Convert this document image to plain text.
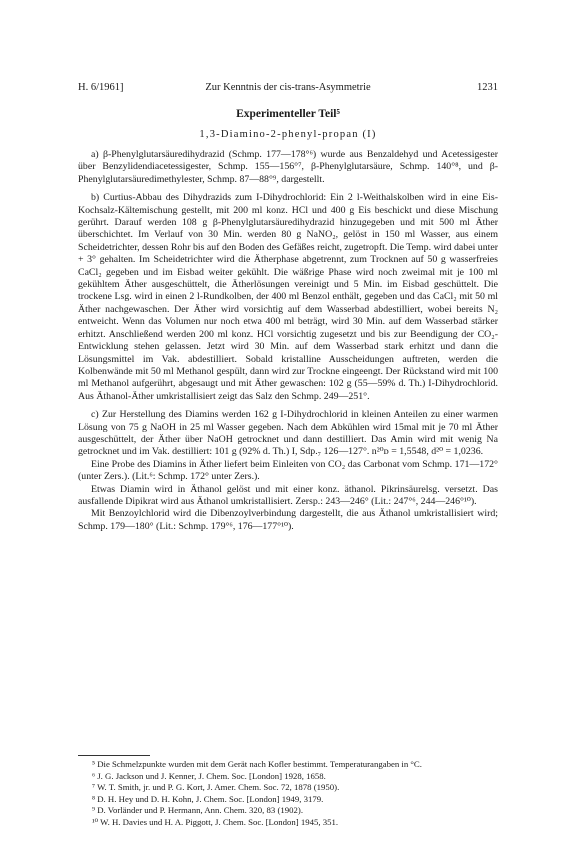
H. 6/1961]	Zur Kenntnis der cis-trans-Asymmetrie	1231
Experimenteller Teil⁵
1,3-Diamino-2-phenyl-propan (I)

a) β-Phenylglutarsäuredihydrazid (Schmp. 177—178°⁶) wurde aus Benzaldehyd und Acetessigester über Benzylidendiacetessigester, Schmp. 155—156°⁷, β-Phenylglutarsäure, Schmp. 140°⁸, und β-Phenylglutarsäuredimethylester, Schmp. 87—88°⁹, dargestellt.

b) Curtius-Abbau des Dihydrazids zum I-Dihydrochlorid: Ein 2 l-Weithalskolben wird in eine Eis-Kochsalz-Kältemischung gestellt, mit 200 ml konz. HCl und 400 g Eis beschickt und diese Mischung gerührt. Darauf werden 108 g β-Phenylglutarsäuredihydrazid hinzugegeben und mit 500 ml Äther überschichtet. Im Verlauf von 30 Min. werden 80 g NaNO₂, gelöst in 150 ml Wasser, aus einem Scheidetrichter, dessen Rohr bis auf den Boden des Gefäßes reicht, zugetropft. Die Temp. wird dabei unter + 3° gehalten. Im Scheidetrichter wird die Ätherphase abgetrennt, zum Trocknen auf 50 g wasserfreies CaCl₂ gegeben und im Eisbad weiter gekühlt. Die wäßrige Phase wird noch zweimal mit je 100 ml gekühltem Äther ausgeschüttelt, die Ätherlösungen vereinigt und 5 Min. im Eisbad geschüttelt. Die trockene Lsg. wird in einen 2 l-Rundkolben, der 400 ml Benzol enthält, gegeben und das CaCl₂ mit 50 ml Äther nachgewaschen. Der Äther wird vorsichtig auf dem Wasserbad abdestilliert, wobei bereits N₂ entweicht. Wenn das Volumen nur noch etwa 400 ml beträgt, wird 30 Min. auf dem Wasserbad stärker erhitzt. Anschließend werden 200 ml konz. HCl vorsichtig zugesetzt und bis zur Beendigung der CO₂-Entwicklung stehen gelassen. Jetzt wird 30 Min. auf dem Wasserbad stark erhitzt und dann die Lösungsmittel im Vak. abdestilliert. Sobald kristalline Ausscheidungen auftreten, werden die Kolbenwände mit 50 ml Methanol gespült, dann wird zur Trockne eingeengt. Der Rückstand wird mit 100 ml Methanol aufgerührt, abgesaugt und mit Äther gewaschen: 102 g (55—59% d. Th.) I-Dihydrochlorid. Aus Äthanol-Äther umkristallisiert zeigt das Salz den Schmp. 249—251°.

c) Zur Herstellung des Diamins werden 162 g I-Dihydrochlorid in kleinen Anteilen zu einer warmen Lösung von 75 g NaOH in 25 ml Wasser gegeben. Nach dem Abkühlen wird 15mal mit je 70 ml Äther ausgeschüttelt, der Äther über NaOH getrocknet und dann destilliert. Das Amin wird mit wenig Na getrocknet und im Vak. destilliert: 101 g (92% d. Th.) I, Sdp.₇ 126—127°. n²⁰ᴅ = 1,5548, d²⁰ = 1,0236.

Eine Probe des Diamins in Äther liefert beim Einleiten von CO₂ das Carbonat vom Schmp. 171—172° (unter Zers.). (Lit.⁶: Schmp. 172° unter Zers.).

Etwas Diamin wird in Äthanol gelöst und mit einer konz. äthanol. Pikrinsäurelsg. versetzt. Das ausfallende Dipikrat wird aus Äthanol umkristallisiert. Zersp.: 243—246° (Lit.: 247°⁶, 244—246°¹⁰).

Mit Benzoylchlorid wird die Dibenzoylverbindung dargestellt, die aus Äthanol umkristallisiert wird; Schmp. 179—180° (Lit.: Schmp. 179°⁶, 176—177°¹⁰).

⁵ Die Schmelzpunkte wurden mit dem Gerät nach Kofler bestimmt. Temperaturangaben in °C.
⁶ J. G. Jackson und J. Kenner, J. Chem. Soc. [London] 1928, 1658.
⁷ W. T. Smith, jr. und P. G. Kort, J. Amer. Chem. Soc. 72, 1878 (1950).
⁸ D. H. Hey und D. H. Kohn, J. Chem. Soc. [London] 1949, 3179.
⁹ D. Vorländer und P. Hermann, Ann. Chem. 320, 83 (1902).
¹⁰ W. H. Davies und H. A. Piggott, J. Chem. Soc. [London] 1945, 351.
